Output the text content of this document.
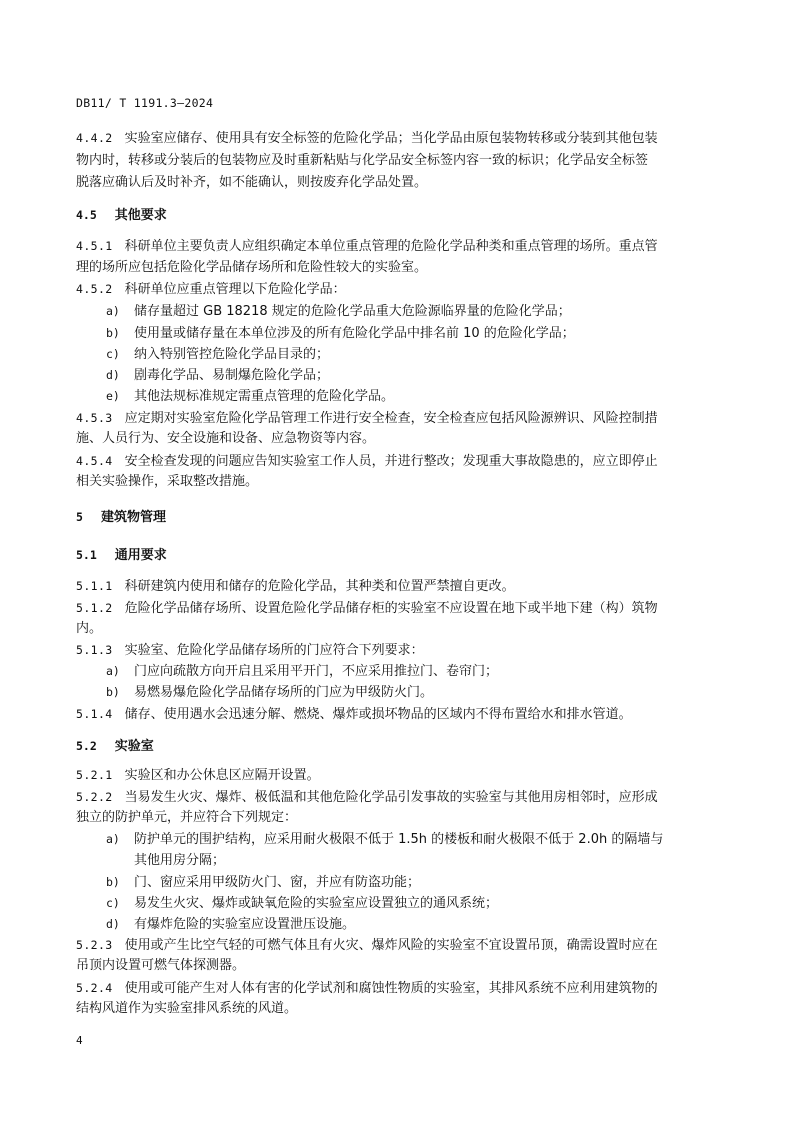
DB11/ T 1191.3—2024
4.4.2 实验室应储存、使用具有安全标签的危险化学品；当化学品由原包装物转移或分装到其他包装
物内时，转移或分装后的包装物应及时重新粘贴与化学品安全标签内容一致的标识；化学品安全标签
脱落应确认后及时补齐，如不能确认，则按废弃化学品处置。
4.5 其他要求
4.5.1 科研单位主要负责人应组织确定本单位重点管理的危险化学品种类和重点管理的场所。重点管
理的场所应包括危险化学品储存场所和危险性较大的实验室。
4.5.2 科研单位应重点管理以下危险化学品：
a) 储存量超过 GB 18218 规定的危险化学品重大危险源临界量的危险化学品；
b) 使用量或储存量在本单位涉及的所有危险化学品中排名前 10 的危险化学品；
c) 纳入特别管控危险化学品目录的；
d) 剧毒化学品、易制爆危险化学品；
e) 其他法规标准规定需重点管理的危险化学品。
4.5.3 应定期对实验室危险化学品管理工作进行安全检查，安全检查应包括风险源辨识、风险控制措
施、人员行为、安全设施和设备、应急物资等内容。
4.5.4 安全检查发现的问题应告知实验室工作人员，并进行整改；发现重大事故隐患的，应立即停止
相关实验操作，采取整改措施。
5 建筑物管理
5.1 通用要求
5.1.1 科研建筑内使用和储存的危险化学品，其种类和位置严禁擅自更改。
5.1.2 危险化学品储存场所、设置危险化学品储存柜的实验室不应设置在地下或半地下建（构）筑物
内。
5.1.3 实验室、危险化学品储存场所的门应符合下列要求：
a) 门应向疏散方向开启且采用平开门，不应采用推拉门、卷帘门；
b) 易燃易爆危险化学品储存场所的门应为甲级防火门。
5.1.4 储存、使用遇水会迅速分解、燃烧、爆炸或损坏物品的区域内不得布置给水和排水管道。
5.2 实验室
5.2.1 实验区和办公休息区应隔开设置。
5.2.2 当易发生火灾、爆炸、极低温和其他危险化学品引发事故的实验室与其他用房相邻时，应形成
独立的防护单元，并应符合下列规定：
a) 防护单元的围护结构，应采用耐火极限不低于 1.5h 的楼板和耐火极限不低于 2.0h 的隔墙与
其他用房分隔；
b) 门、窗应采用甲级防火门、窗，并应有防盗功能；
c) 易发生火灾、爆炸或缺氧危险的实验室应设置独立的通风系统；
d) 有爆炸危险的实验室应设置泄压设施。
5.2.3 使用或产生比空气轻的可燃气体且有火灾、爆炸风险的实验室不宜设置吊顶，确需设置时应在
吊顶内设置可燃气体探测器。
5.2.4 使用或可能产生对人体有害的化学试剂和腐蚀性物质的实验室，其排风系统不应利用建筑物的
结构风道作为实验室排风系统的风道。
4
